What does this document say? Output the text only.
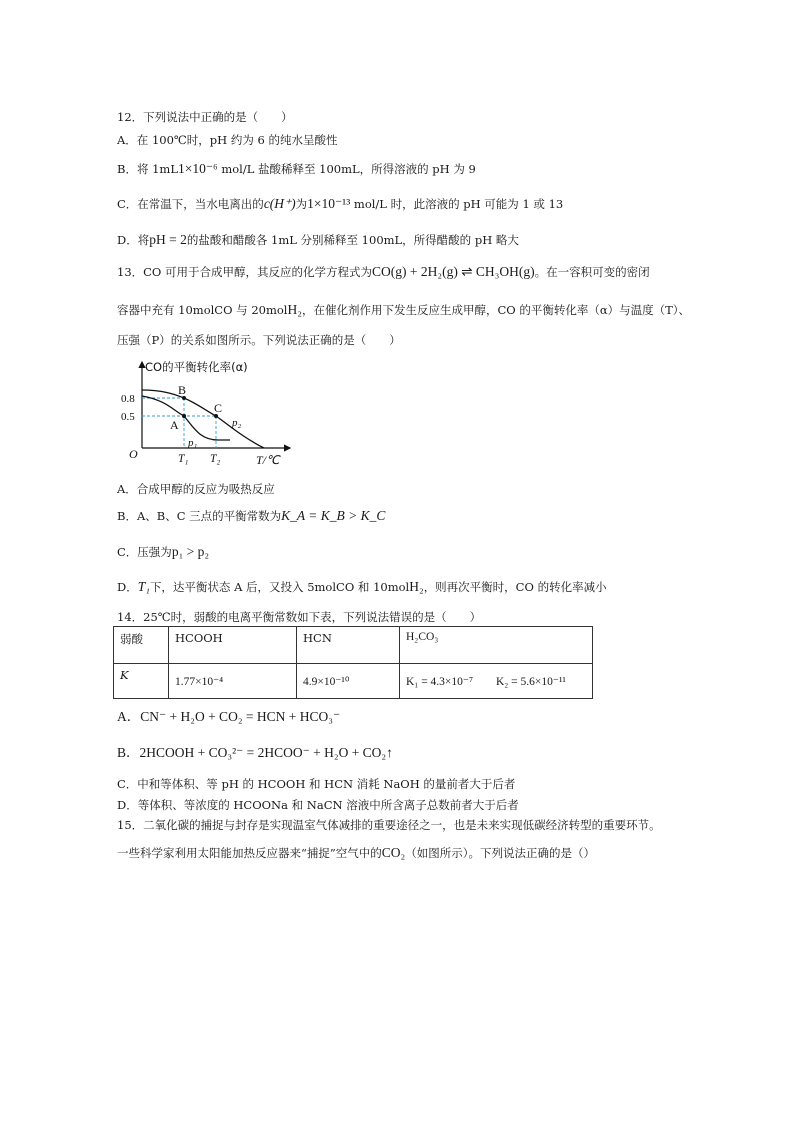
12．下列说法中正确的是（　　）
A．在 100℃时，pH 约为 6 的纯水呈酸性
B．将 1mL1×10⁻⁶ mol/L 盐酸稀释至 100mL，所得溶液的 pH 为 9
C．在常温下，当水电离出的c(H⁺)为1×10⁻¹³ mol/L 时，此溶液的 pH 可能为 1 或 13
D．将pH = 2的盐酸和醋酸各 1mL 分别稀释至 100mL，所得醋酸的 pH 略大
13．CO 可用于合成甲醇，其反应的化学方程式为CO(g) + 2H₂(g) ⇌ CH₃OH(g)。在一容积可变的密闭
容器中充有 10molCO 与 20molH₂，在催化剂作用下发生反应生成甲醇，CO 的平衡转化率（α）与温度（T）、
压强（P）的关系如图所示。下列说法正确的是（　　）
CO的平衡转化率(α)
0.8
0.5
O
B
A
C
p₁
p₂
T₁ T₂	T/℃
A．合成甲醇的反应为吸热反应
B．A、B、C 三点的平衡常数为K_A = K_B > K_C
C．压强为p₁ > p₂
D．T₁下，达平衡状态 A 后，又投入 5molCO 和 10molH₂，则再次平衡时，CO 的转化率减小
14．25℃时，弱酸的电离平衡常数如下表，下列说法错误的是（　　）
弱酸	HCOOH	HCN	H₂CO₃
K	1.77×10⁻⁴	4.9×10⁻¹⁰	K₁ = 4.3×10⁻⁷　　K₂ = 5.6×10⁻¹¹
A．CN⁻ + H₂O + CO₂ = HCN + HCO₃⁻
B．2HCOOH + CO₃²⁻ = 2HCOO⁻ + H₂O + CO₂↑
C．中和等体积、等 pH 的 HCOOH 和 HCN 消耗 NaOH 的量前者大于后者
D．等体积、等浓度的 HCOONa 和 NaCN 溶液中所含离子总数前者大于后者
15．二氧化碳的捕捉与封存是实现温室气体减排的重要途径之一，也是未来实现低碳经济转型的重要环节。
一些科学家利用太阳能加热反应器来“捕捉”空气中的CO₂（如图所示）。下列说法正确的是（）
